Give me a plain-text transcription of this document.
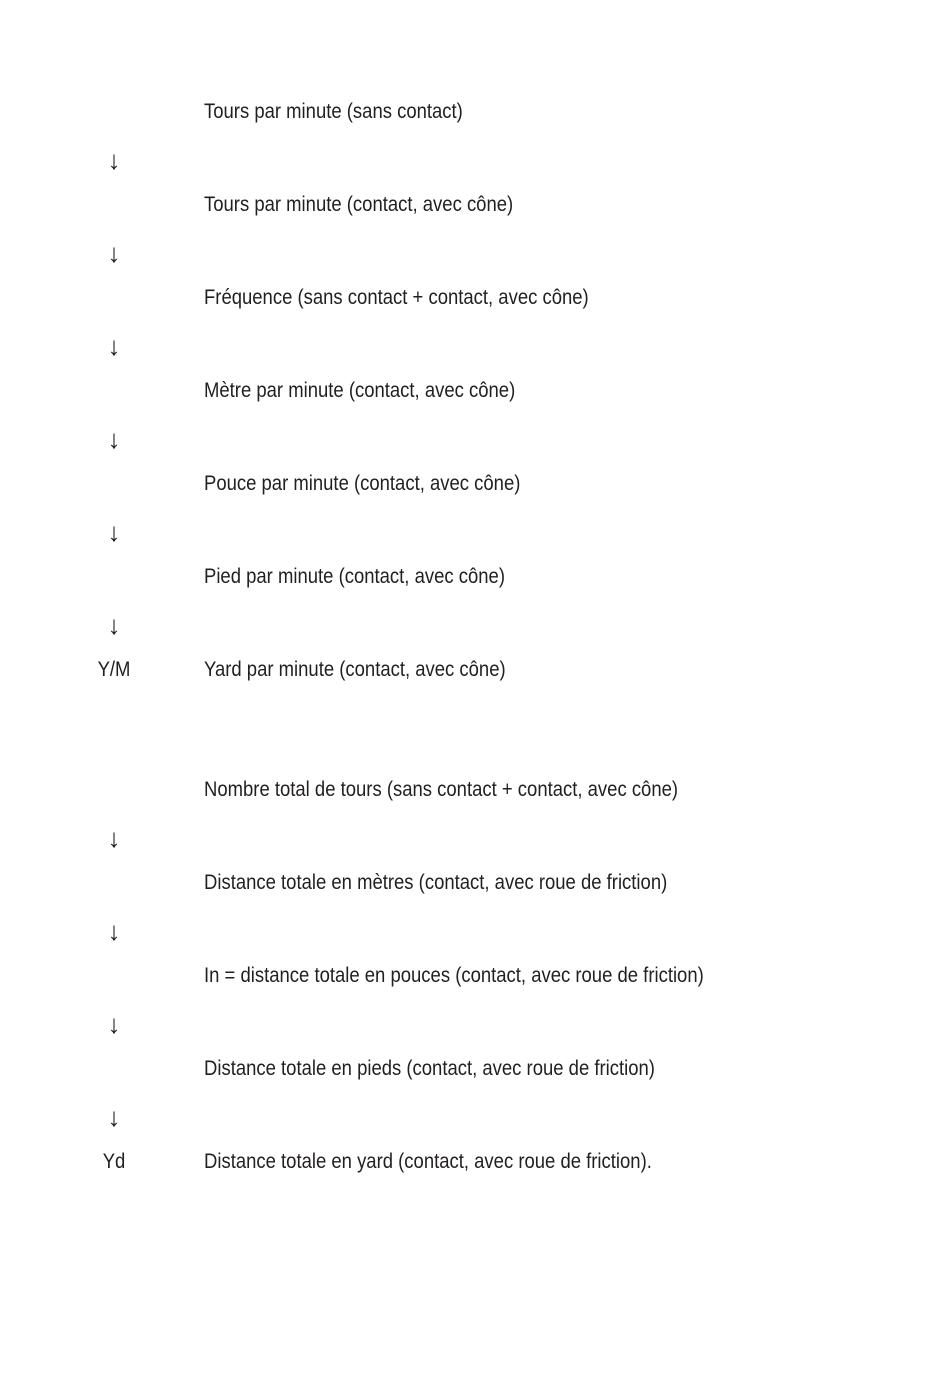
Tours par minute (sans contact)
↓
Tours par minute (contact, avec cône)
↓
Fréquence (sans contact + contact, avec cône)
↓
Mètre par minute (contact, avec cône)
↓
Pouce par minute (contact, avec cône)
↓
Pied par minute (contact, avec cône)
↓
Y/M	Yard par minute (contact, avec cône)
Nombre total de tours (sans contact + contact, avec cône)
↓
Distance totale en mètres (contact, avec roue de friction)
↓
In = distance totale en pouces (contact, avec roue de friction)
↓
Distance totale en pieds (contact, avec roue de friction)
↓
Yd	Distance totale en yard (contact, avec roue de friction).
